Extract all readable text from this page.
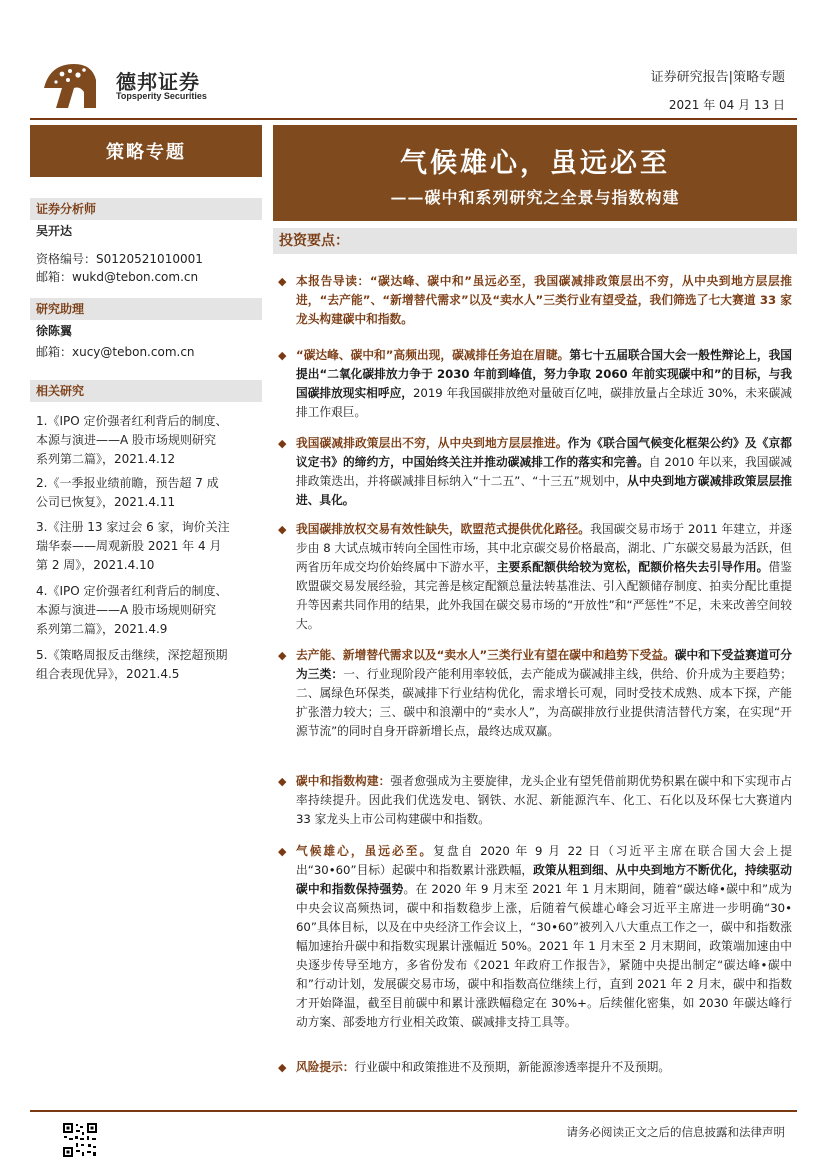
德邦证券
Topsperity Securities
证券研究报告|策略专题
2021 年 04 月 13 日
策略专题
证券分析师
吴开达
资格编号：S0120521010001
邮箱：wukd@tebon.com.cn
研究助理
徐陈翼
邮箱：xucy@tebon.com.cn
相关研究
1.《IPO 定价强者红利背后的制度、
本源与演进——A 股市场规则研究
系列第二篇》，2021.4.12
2.《一季报业绩前瞻，预告超 7 成
公司已恢复》，2021.4.11
3.《注册 13 家过会 6 家，询价关注
瑞华泰——周观新股 2021 年 4 月
第 2 周》，2021.4.10
4.《IPO 定价强者红利背后的制度、
本源与演进——A 股市场规则研究
系列第二篇》，2021.4.9
5.《策略周报反击继续，深挖超预期
组合表现优异》，2021.4.5
气候雄心，虽远必至
——碳中和系列研究之全景与指数构建
投资要点：
◆ 本报告导读：“碳达峰、碳中和”虽远必至，我国碳减排政策层出不穷，从中央到地方层层推进，“去产能”、“新增替代需求”以及“卖水人”三类行业有望受益，我们筛选了七大赛道 33 家龙头构建碳中和指数。
◆ “碳达峰、碳中和”高频出现，碳减排任务迫在眉睫。第七十五届联合国大会一般性辩论上，我国提出“二氧化碳排放力争于 2030 年前到峰值，努力争取 2060 年前实现碳中和”的目标，与我国碳排放现实相呼应，2019 年我国碳排放绝对量破百亿吨，碳排放量占全球近 30%，未来碳减排工作艰巨。
◆ 我国碳减排政策层出不穷，从中央到地方层层推进。作为《联合国气候变化框架公约》及《京都议定书》的缔约方，中国始终关注并推动碳减排工作的落实和完善。自 2010 年以来，我国碳减排政策迭出，并将碳减排目标纳入“十二五”、“十三五”规划中，从中央到地方碳减排政策层层推进、具化。
◆ 我国碳排放权交易有效性缺失，欧盟范式提供优化路径。我国碳交易市场于 2011 年建立，并逐步由 8 大试点城市转向全国性市场，其中北京碳交易价格最高，湖北、广东碳交易最为活跃，但两省历年成交均价始终属中下游水平，主要系配额供给较为宽松，配额价格失去引导作用。借鉴欧盟碳交易发展经验，其完善是核定配额总量法转基准法、引入配额储存制度、拍卖分配比重提升等因素共同作用的结果，此外我国在碳交易市场的“开放性”和“严惩性”不足，未来改善空间较大。
◆ 去产能、新增替代需求以及“卖水人”三类行业有望在碳中和趋势下受益。碳中和下受益赛道可分为三类：一、行业现阶段产能利用率较低，去产能成为碳减排主线，供给、价升成为主要趋势；二、属绿色环保类，碳减排下行业结构优化，需求增长可观，同时受技术成熟、成本下探，产能扩张潜力较大；三、碳中和浪潮中的“卖水人”，为高碳排放行业提供清洁替代方案，在实现“开源节流”的同时自身开辟新增长点，最终达成双赢。
◆ 碳中和指数构建：强者愈强成为主要旋律，龙头企业有望凭借前期优势积累在碳中和下实现市占率持续提升。因此我们优选发电、钢铁、水泥、新能源汽车、化工、石化以及环保七大赛道内 33 家龙头上市公司构建碳中和指数。
◆ 气候雄心，虽远必至。复盘自 2020 年 9 月 22 日（习近平主席在联合国大会上提出“30•60”目标）起碳中和指数累计涨跌幅，政策从粗到细、从中央到地方不断优化，持续驱动碳中和指数保持强势。在 2020 年 9 月末至 2021 年 1 月末期间，随着“碳达峰•碳中和”成为中央会议高频热词，碳中和指数稳步上涨，后随着气候雄心峰会习近平主席进一步明确“30• 60”具体目标，以及在中央经济工作会议上，“30•60”被列入八大重点工作之一，碳中和指数涨幅加速抬升碳中和指数实现累计涨幅近 50%。2021 年 1 月末至 2 月末期间，政策端加速由中央逐步传导至地方，多省份发布《2021 年政府工作报告》，紧随中央提出制定“碳达峰•碳中和”行动计划，发展碳交易市场，碳中和指数高位继续上行，直到 2021 年 2 月末，碳中和指数才开始降温，截至目前碳中和累计涨跌幅稳定在 30%+。后续催化密集，如 2030 年碳达峰行动方案、部委地方行业相关政策、碳减排支持工具等。
◆ 风险提示：行业碳中和政策推进不及预期，新能源渗透率提升不及预期。
请务必阅读正文之后的信息披露和法律声明
